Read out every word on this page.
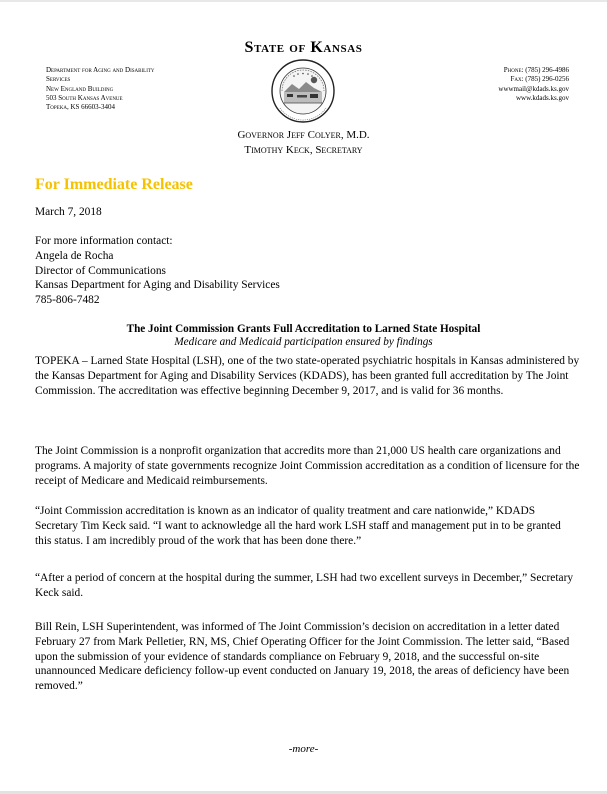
State of Kansas
Department for Aging and Disability
Services
New England Building
503 South Kansas Avenue
Topeka, KS 66603-3404
Phone: (785) 296-4986
Fax: (785) 296-0256
wwwmail@kdads.ks.gov
www.kdads.ks.gov
Governor Jeff Colyer, M.D.
Timothy Keck, Secretary
For Immediate Release
March 7, 2018
For more information contact:
Angela de Rocha
Director of Communications
Kansas Department for Aging and Disability Services
785-806-7482
The Joint Commission Grants Full Accreditation to Larned State Hospital
Medicare and Medicaid participation ensured by findings
TOPEKA – Larned State Hospital (LSH), one of the two state-operated psychiatric hospitals in Kansas administered by the Kansas Department for Aging and Disability Services (KDADS), has been granted full accreditation by The Joint Commission. The accreditation was effective beginning December 9, 2017, and is valid for 36 months.
The Joint Commission is a nonprofit organization that accredits more than 21,000 US health care organizations and programs. A majority of state governments recognize Joint Commission accreditation as a condition of licensure for the receipt of Medicare and Medicaid reimbursements.
“Joint Commission accreditation is known as an indicator of quality treatment and care nationwide,” KDADS Secretary Tim Keck said. “I want to acknowledge all the hard work LSH staff and management put in to be granted this status. I am incredibly proud of the work that has been done there.”
“After a period of concern at the hospital during the summer, LSH had two excellent surveys in December,” Secretary Keck said.
Bill Rein, LSH Superintendent, was informed of The Joint Commission’s decision on accreditation in a letter dated February 27 from Mark Pelletier, RN, MS, Chief Operating Officer for the Joint Commission. The letter said, “Based upon the submission of your evidence of standards compliance on February 9, 2018, and the successful on-site unannounced Medicare deficiency follow-up event conducted on January 19, 2018, the areas of deficiency have been removed.”
-more-
